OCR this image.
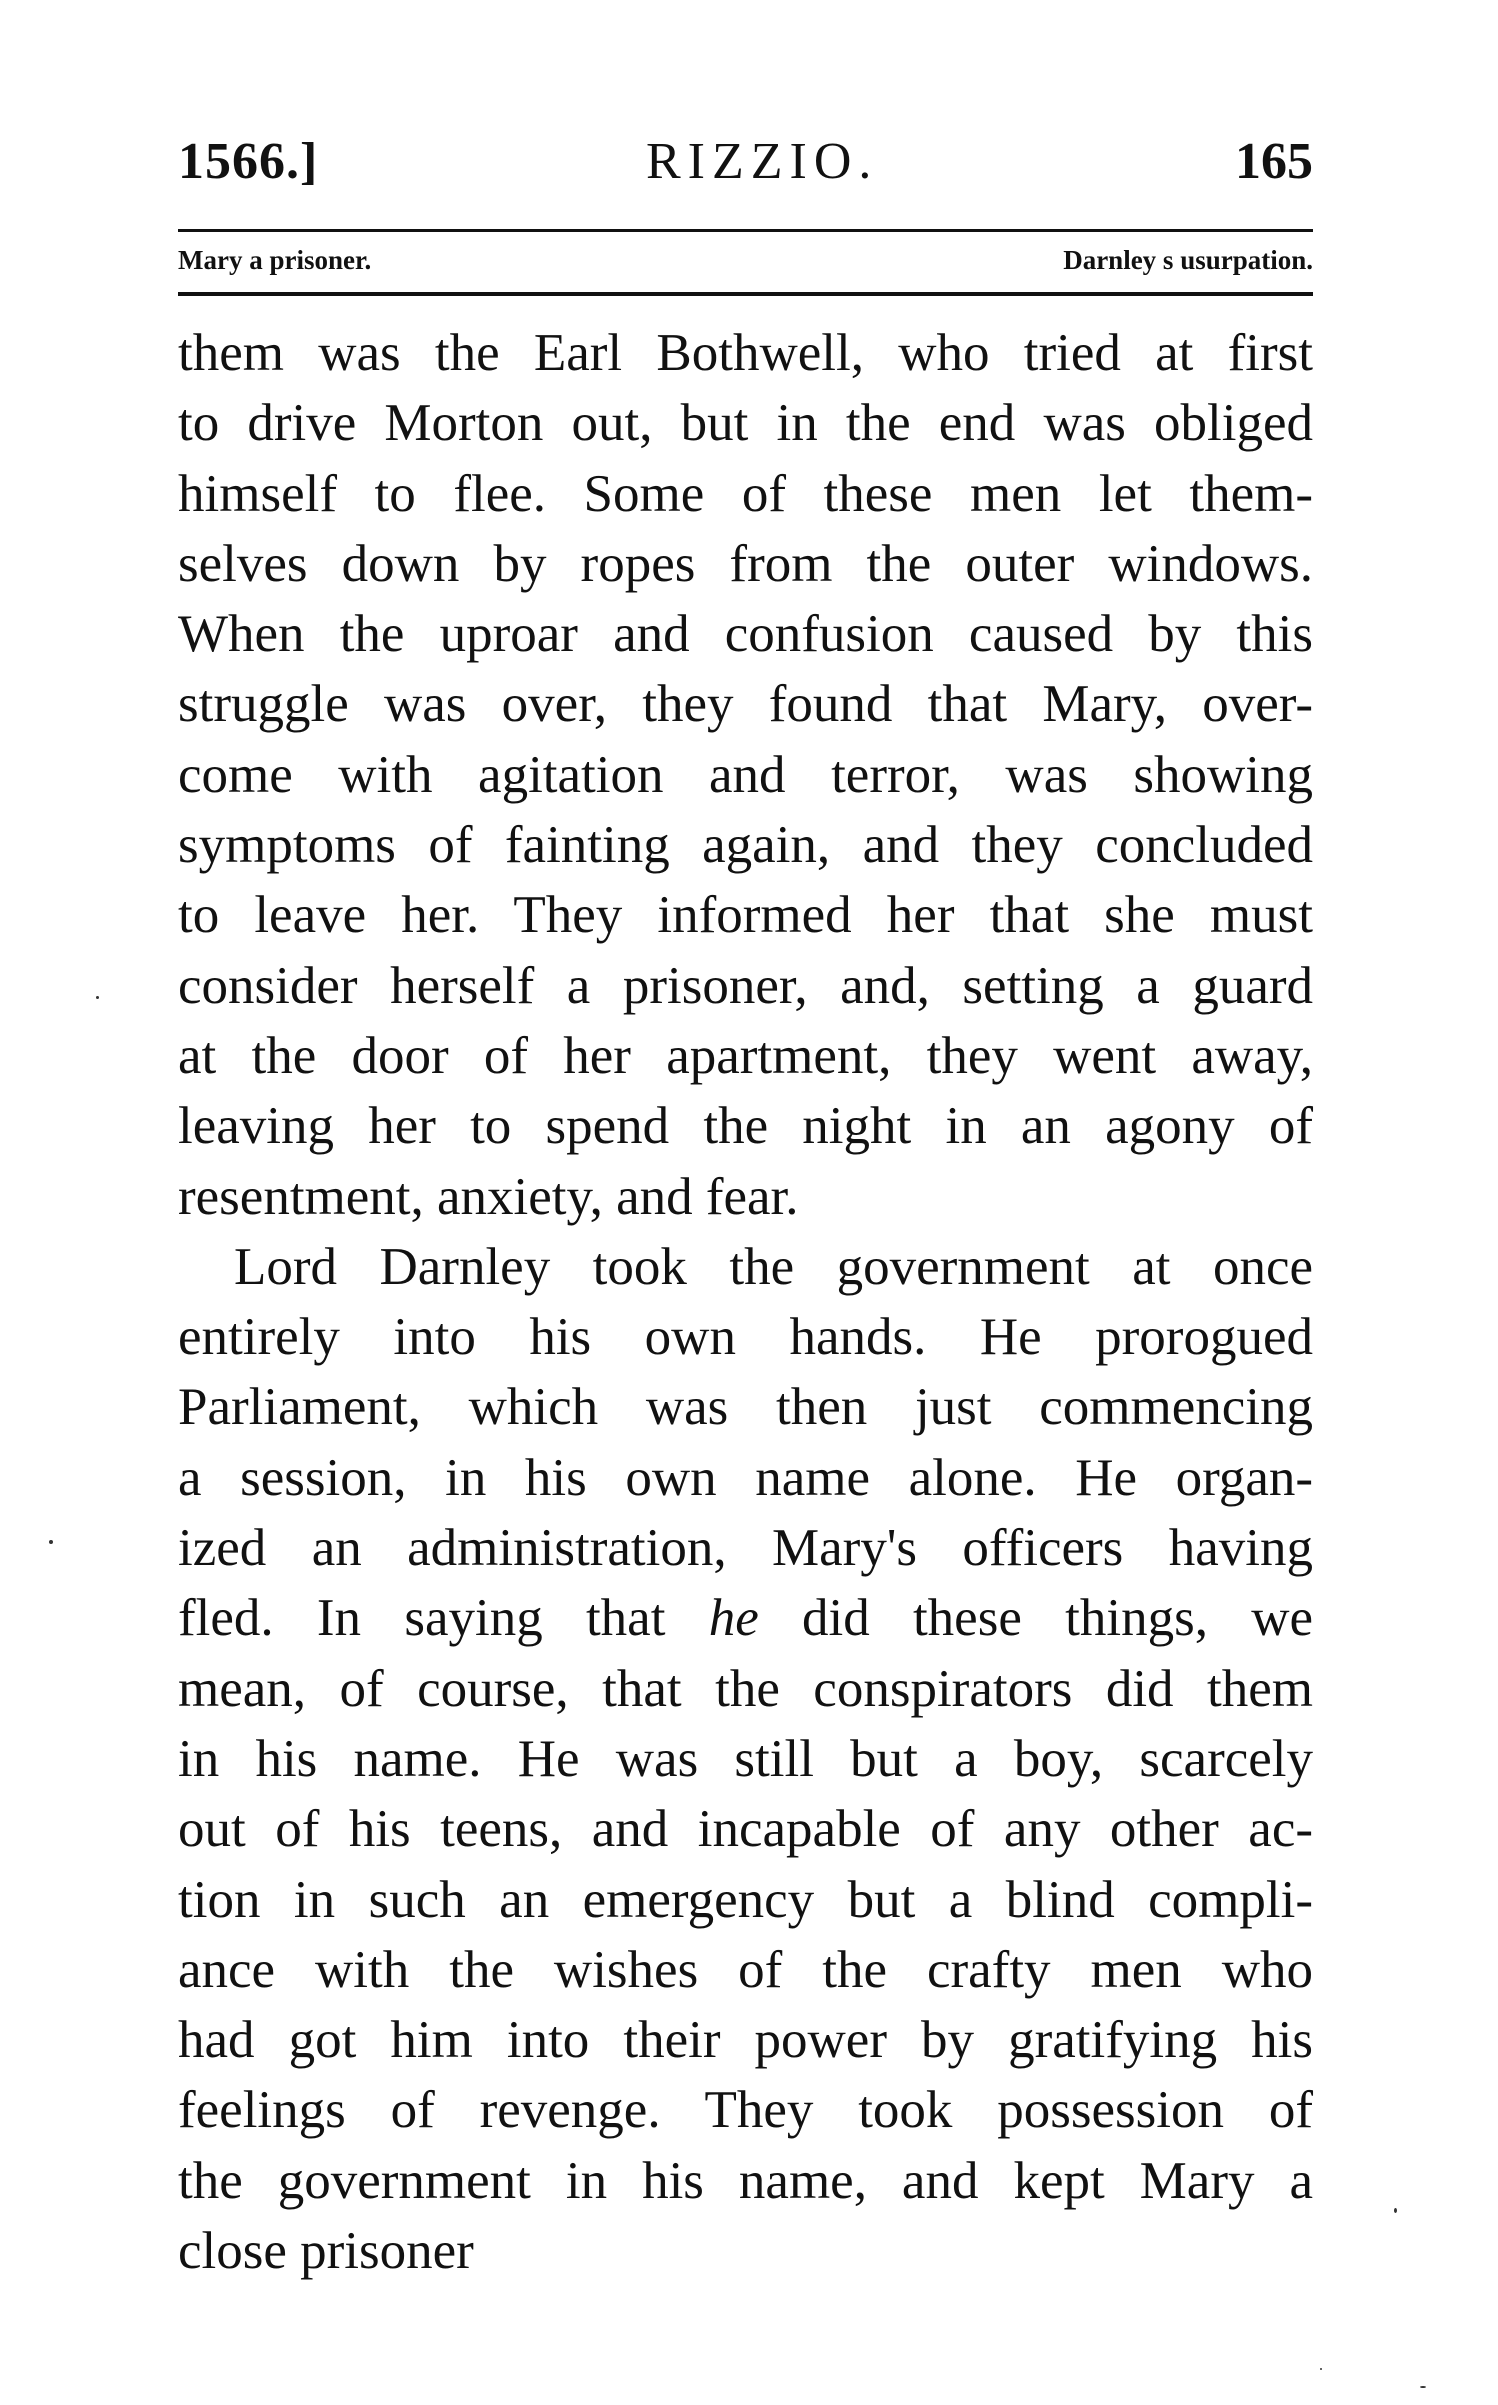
1566.]	RIZZIO.	165
Mary a prisoner.	Darnley s usurpation.
them was the Earl Bothwell, who tried at first
to drive Morton out, but in the end was obliged
himself to flee. Some of these men let them-
selves down by ropes from the outer windows.
When the uproar and confusion caused by this
struggle was over, they found that Mary, over-
come with agitation and terror, was showing
symptoms of fainting again, and they concluded
to leave her. They informed her that she must
consider herself a prisoner, and, setting a guard
at the door of her apartment, they went away,
leaving her to spend the night in an agony of
resentment, anxiety, and fear.
Lord Darnley took the government at once
entirely into his own hands. He prorogued
Parliament, which was then just commencing
a session, in his own name alone. He organ-
ized an administration, Mary's officers having
fled. In saying that he did these things, we
mean, of course, that the conspirators did them
in his name. He was still but a boy, scarcely
out of his teens, and incapable of any other ac-
tion in such an emergency but a blind compli-
ance with the wishes of the crafty men who
had got him into their power by gratifying his
feelings of revenge. They took possession of
the government in his name, and kept Mary a
close prisoner
